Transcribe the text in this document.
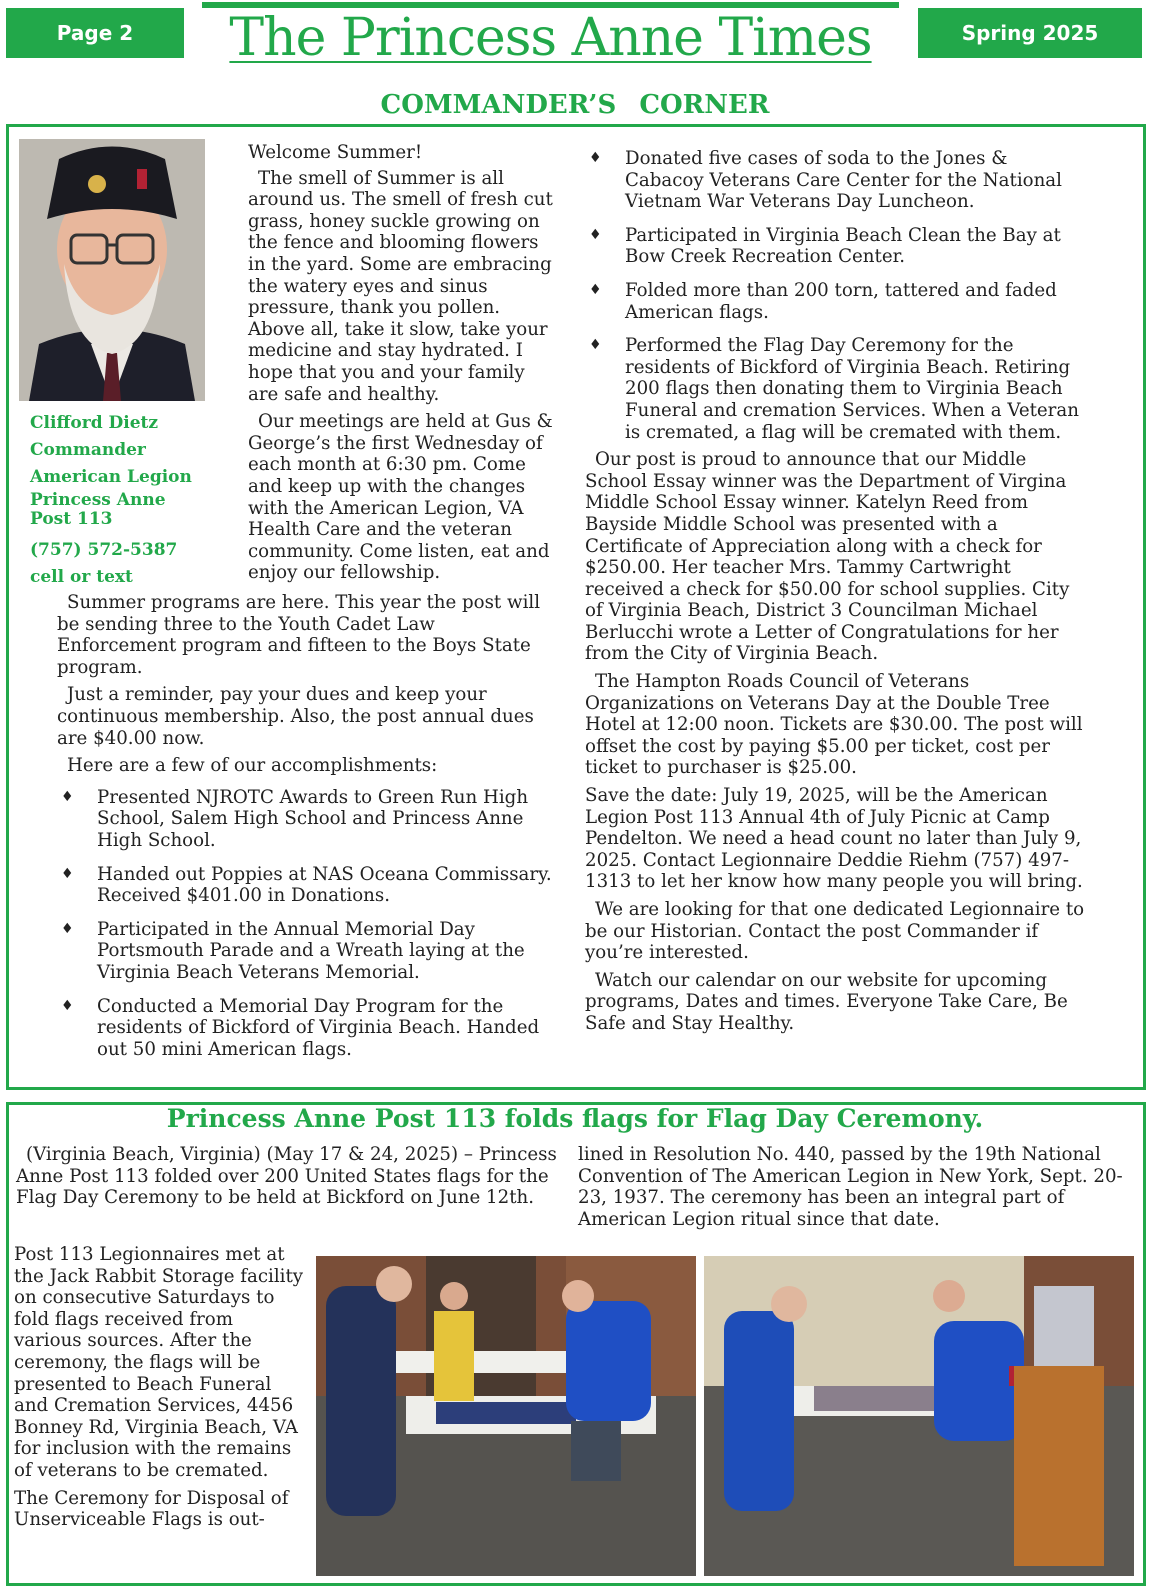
Page 2	The Princess Anne Times	Spring 2025
COMMANDER’S CORNER
Clifford Dietz
Commander
American Legion
Princess Anne
Post 113
(757) 572-5387
cell or text

Welcome Summer!

The smell of Summer is all around us. The smell of fresh cut grass, honey suckle growing on the fence and blooming flowers in the yard. Some are embracing the watery eyes and sinus pressure, thank you pollen. Above all, take it slow, take your medicine and stay hydrated. I hope that you and your family are safe and healthy.

Our meetings are held at Gus & George’s the first Wednesday of each month at 6:30 pm. Come and keep up with the changes with the American Legion, VA Health Care and the veteran community. Come listen, eat and enjoy our fellowship.

Summer programs are here. This year the post will be sending three to the Youth Cadet Law Enforcement program and fifteen to the Boys State program.

Just a reminder, pay your dues and keep your continuous membership. Also, the post annual dues are $40.00 now.

Here are a few of our accomplishments:

♦ Presented NJROTC Awards to Green Run High School, Salem High School and Princess Anne High School.
♦ Handed out Poppies at NAS Oceana Commissary. Received $401.00 in Donations.
♦ Participated in the Annual Memorial Day Portsmouth Parade and a Wreath laying at the Virginia Beach Veterans Memorial.
♦ Conducted a Memorial Day Program for the residents of Bickford of Virginia Beach. Handed out 50 mini American flags.
♦ Donated five cases of soda to the Jones & Cabacoy Veterans Care Center for the National Vietnam War Veterans Day Luncheon.
♦ Participated in Virginia Beach Clean the Bay at Bow Creek Recreation Center.
♦ Folded more than 200 torn, tattered and faded American flags.
♦ Performed the Flag Day Ceremony for the residents of Bickford of Virginia Beach. Retiring 200 flags then donating them to Virginia Beach Funeral and cremation Services. When a Veteran is cremated, a flag will be cremated with them.

Our post is proud to announce that our Middle School Essay winner was the Department of Virgina Middle School Essay winner. Katelyn Reed from Bayside Middle School was presented with a Certificate of Appreciation along with a check for $250.00. Her teacher Mrs. Tammy Cartwright received a check for $50.00 for school supplies. City of Virginia Beach, District 3 Councilman Michael Berlucchi wrote a Letter of Congratulations for her from the City of Virginia Beach.

The Hampton Roads Council of Veterans Organizations on Veterans Day at the Double Tree Hotel at 12:00 noon. Tickets are $30.00. The post will offset the cost by paying $5.00 per ticket, cost per ticket to purchaser is $25.00.

Save the date: July 19, 2025, will be the American Legion Post 113 Annual 4th of July Picnic at Camp Pendelton. We need a head count no later than July 9, 2025. Contact Legionnaire Deddie Riehm (757) 497-1313 to let her know how many people you will bring.

We are looking for that one dedicated Legionnaire to be our Historian. Contact the post Commander if you’re interested.

Watch our calendar on our website for upcoming programs, Dates and times. Everyone Take Care, Be Safe and Stay Healthy.

Princess Anne Post 113 folds flags for Flag Day Ceremony.

(Virginia Beach, Virginia) (May 17 & 24, 2025) – Princess Anne Post 113 folded over 200 United States flags for the Flag Day Ceremony to be held at Bickford on June 12th.

lined in Resolution No. 440, passed by the 19th National Convention of The American Legion in New York, Sept. 20-23, 1937. The ceremony has been an integral part of American Legion ritual since that date.

Post 113 Legionnaires met at the Jack Rabbit Storage facility on consecutive Saturdays to fold flags received from various sources. After the ceremony, the flags will be presented to Beach Funeral and Cremation Services, 4456 Bonney Rd, Virginia Beach, VA for inclusion with the remains of veterans to be cremated.

The Ceremony for Disposal of Unserviceable Flags is out-
